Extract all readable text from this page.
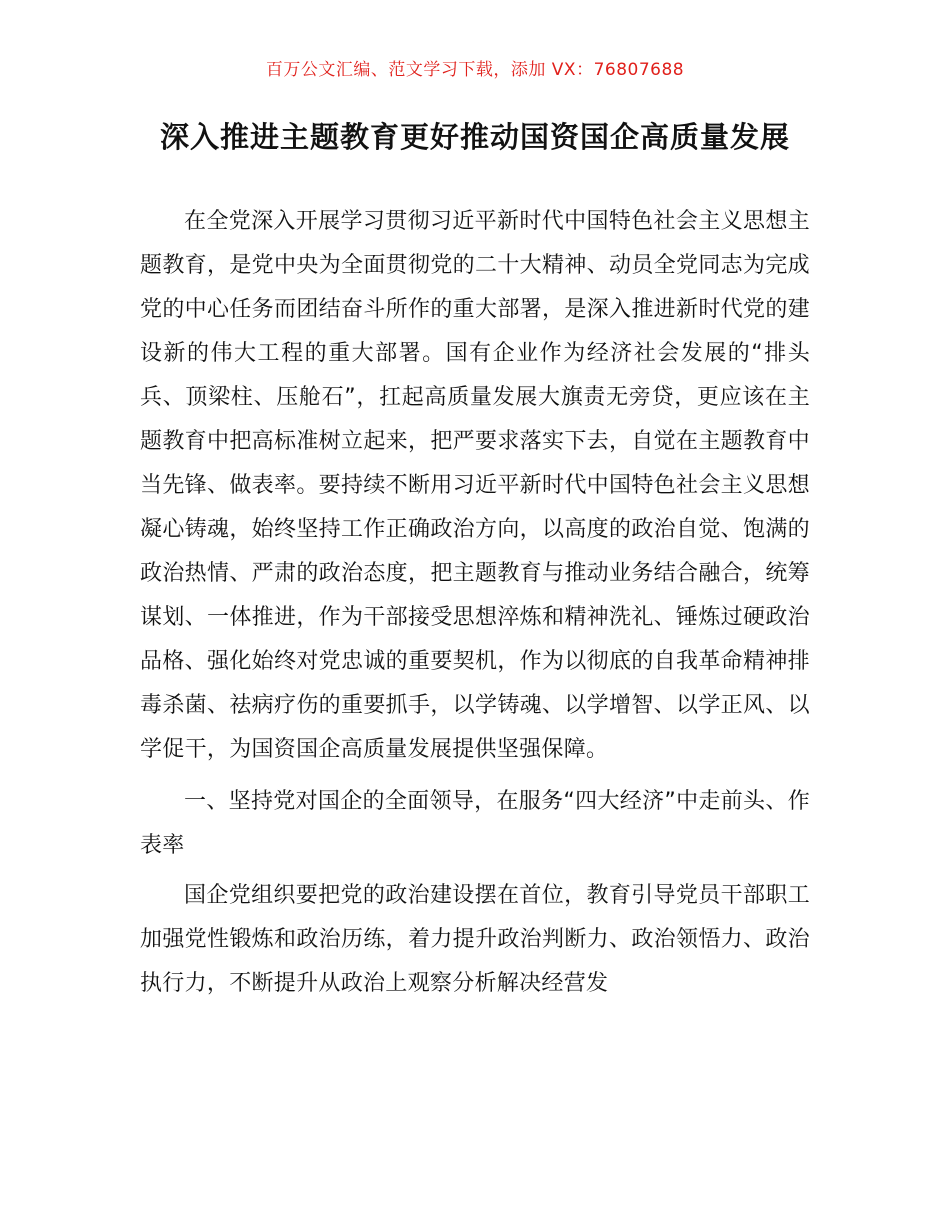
百万公文汇编、范文学习下载，添加 VX：76807688
深入推进主题教育更好推动国资国企高质量发展

在全党深入开展学习贯彻习近平新时代中国特色社会主义思想主题教育，是党中央为全面贯彻党的二十大精神、动员全党同志为完成党的中心任务而团结奋斗所作的重大部署，是深入推进新时代党的建设新的伟大工程的重大部署。国有企业作为经济社会发展的“排头兵、顶梁柱、压舱石”，扛起高质量发展大旗责无旁贷，更应该在主题教育中把高标准树立起来，把严要求落实下去，自觉在主题教育中当先锋、做表率。要持续不断用习近平新时代中国特色社会主义思想凝心铸魂，始终坚持工作正确政治方向，以高度的政治自觉、饱满的政治热情、严肃的政治态度，把主题教育与推动业务结合融合，统筹谋划、一体推进，作为干部接受思想淬炼和精神洗礼、锤炼过硬政治品格、强化始终对党忠诚的重要契机，作为以彻底的自我革命精神排毒杀菌、祛病疗伤的重要抓手，以学铸魂、以学增智、以学正风、以学促干，为国资国企高质量发展提供坚强保障。

一、坚持党对国企的全面领导，在服务“四大经济”中走前头、作表率

国企党组织要把党的政治建设摆在首位，教育引导党员干部职工加强党性锻炼和政治历练，着力提升政治判断力、政治领悟力、政治执行力，不断提升从政治上观察分析解决经营发
